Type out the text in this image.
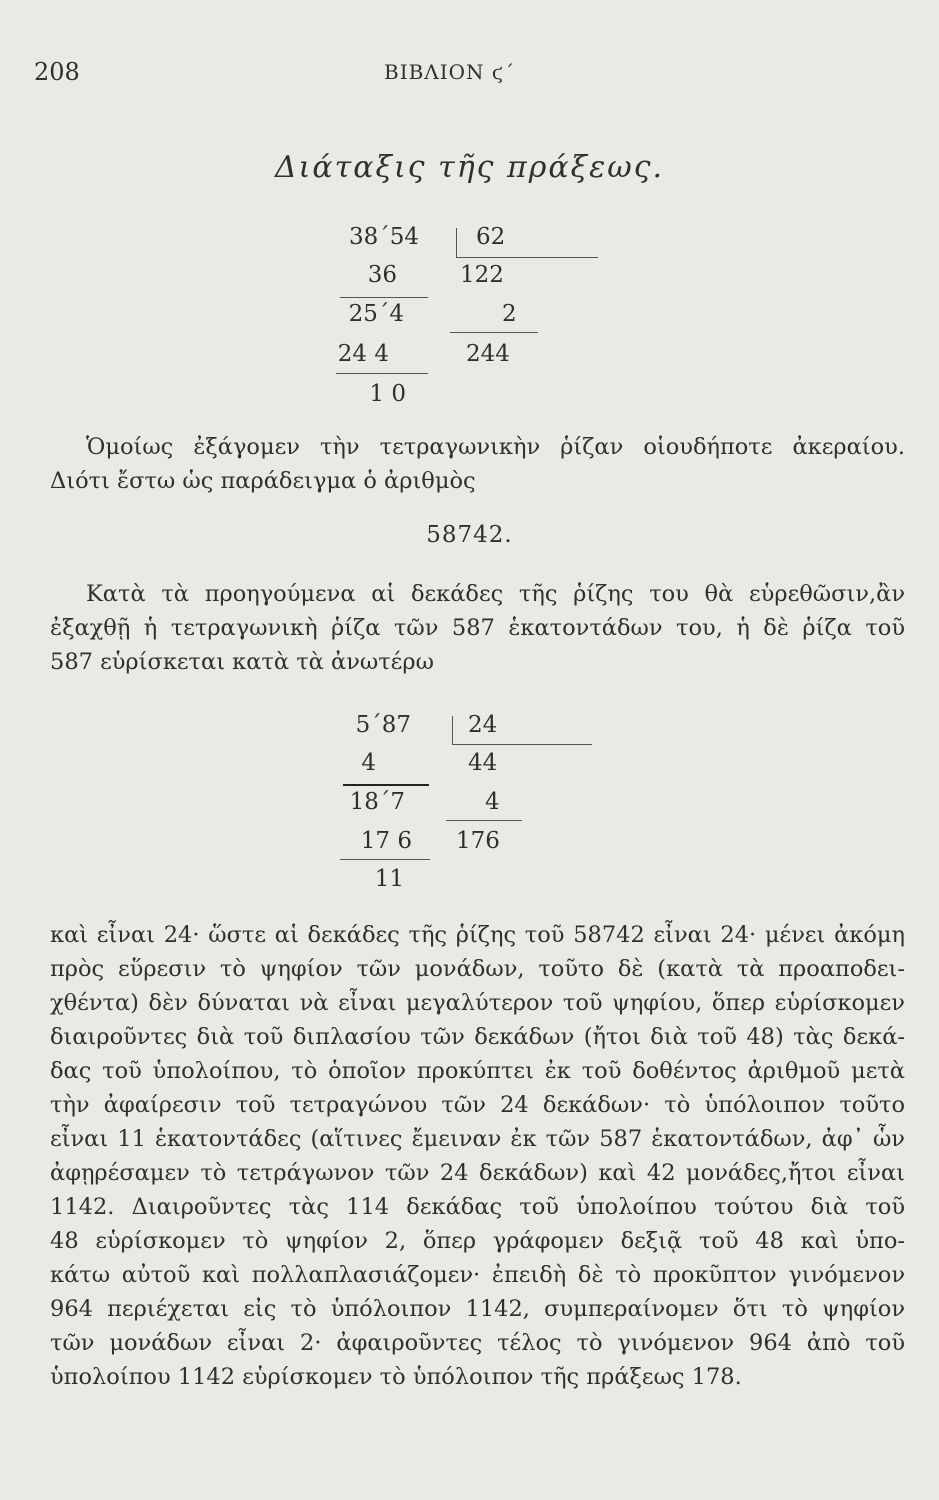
208	ΒΙΒΛΙΟΝ ϛ΄
Διάταξις τῆς πράξεως.
38΄54
36
25΄4
24 4
1 0
62
122
2
244
Ὁμοίως ἐξάγομεν τὴν τετραγωνικὴν ῥίζαν οἱουδήποτε ἀκεραίου.
Διότι ἔστω ὡς παράδειγμα ὁ ἀριθμὸς
58742.
Κατὰ τὰ προηγούμενα αἱ δεκάδες τῆς ῥίζης του θὰ εὑρεθῶσιν,ἂν
ἐξαχθῇ ἡ τετραγωνικὴ ῥίζα τῶν 587 ἑκατοντάδων του, ἡ δὲ ῥίζα τοῦ
587 εὑρίσκεται κατὰ τὰ ἀνωτέρω
5΄87
4
18΄7
17 6
11
24
44
4
176
καὶ εἶναι 24· ὥστε αἱ δεκάδες τῆς ῥίζης τοῦ 58742 εἶναι 24· μένει ἀκόμη
πρὸς εὕρεσιν τὸ ψηφίον τῶν μονάδων, τοῦτο δὲ (κατὰ τὰ προαποδει-
χθέντα) δὲν δύναται νὰ εἶναι μεγαλύτερον τοῦ ψηφίου, ὅπερ εὑρίσκομεν
διαιροῦντες διὰ τοῦ διπλασίου τῶν δεκάδων (ἤτοι διὰ τοῦ 48) τὰς δεκά-
δας τοῦ ὑπολοίπου, τὸ ὁποῖον προκύπτει ἐκ τοῦ δοθέντος ἀριθμοῦ μετὰ
τὴν ἀφαίρεσιν τοῦ τετραγώνου τῶν 24 δεκάδων· τὸ ὑπόλοιπον τοῦτο
εἶναι 11 ἑκατοντάδες (αἵτινες ἔμειναν ἐκ τῶν 587 ἑκατοντάδων, ἀφ᾽ ὧν
ἀφῃρέσαμεν τὸ τετράγωνον τῶν 24 δεκάδων) καὶ 42 μονάδες,ἤτοι εἶναι
1142. Διαιροῦντες τὰς 114 δεκάδας τοῦ ὑπολοίπου τούτου διὰ τοῦ
48 εὑρίσκομεν τὸ ψηφίον 2, ὅπερ γράφομεν δεξιᾷ τοῦ 48 καὶ ὑπο-
κάτω αὐτοῦ καὶ πολλαπλασιάζομεν· ἐπειδὴ δὲ τὸ προκῦπτον γινόμενον
964 περιέχεται εἰς τὸ ὑπόλοιπον 1142, συμπεραίνομεν ὅτι τὸ ψηφίον
τῶν μονάδων εἶναι 2· ἀφαιροῦντες τέλος τὸ γινόμενον 964 ἀπὸ τοῦ
ὑπολοίπου 1142 εὑρίσκομεν τὸ ὑπόλοιπον τῆς πράξεως 178.
